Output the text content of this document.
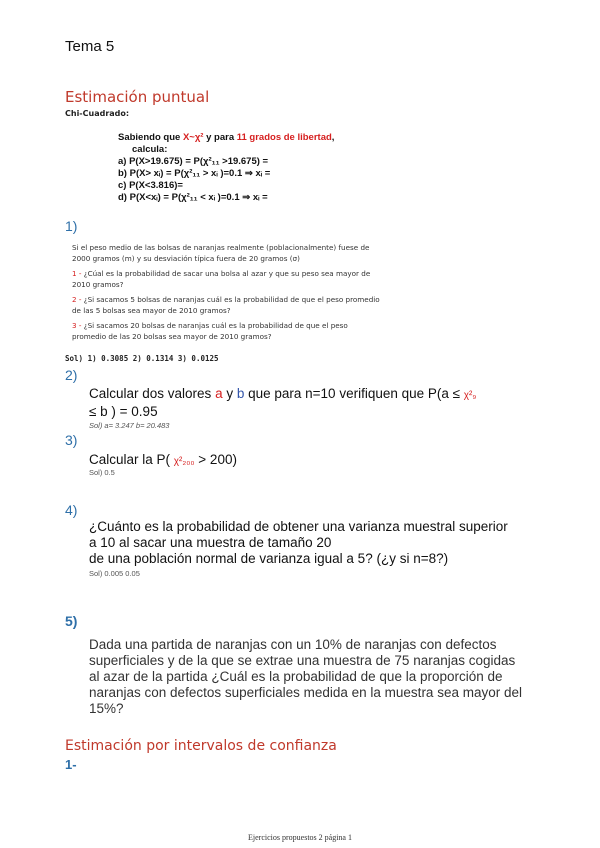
Tema 5
Estimación puntual
Chi-Cuadrado:
Sabiendo que X~χ² y para 11 grados de libertad,
calcula:
a) P(X>19.675) = P(χ²₁₁ >19.675) =
b) P(X> xᵢ) = P(χ²₁₁ > xᵢ )=0.1 ⇒ xᵢ =
c) P(X<3.816)=
d) P(X<xᵢ) = P(χ²₁₁ < xᵢ )=0.1 ⇒ xᵢ =
1)

Si el peso medio de las bolsas de naranjas realmente (poblacionalmente) fuese de 2000 gramos (m) y su desviación típica fuera de 20 gramos (σ)

1 - ¿Cúal es la probabilidad de sacar una bolsa al azar y que su peso sea mayor de 2010 gramos?

2 - ¿Si sacamos 5 bolsas de naranjas cuál es la probabilidad de que el peso promedio de las 5 bolsas sea mayor de 2010 gramos?

3 - ¿Si sacamos 20 bolsas de naranjas cuál es la probabilidad de que el peso promedio de las 20 bolsas sea mayor de 2010 gramos?

Sol) 1) 0.3085 2) 0.1314 3) 0.0125
2)
Calcular dos valores a y b que para n=10 verifiquen que P(a ≤ χ²₉
≤ b ) = 0.95
Sol) a= 3.247 b= 20.483
3)
Calcular la P( χ²₂₀₀ > 200)
Sol) 0.5
4)
¿Cuánto es la probabilidad de obtener una varianza muestral superior
a 10 al sacar una muestra de tamaño 20
de una población normal de varianza igual a 5? (¿y si n=8?)
Sol) 0.005 0.05
5)
Dada una partida de naranjas con un 10% de naranjas con defectos superficiales y de la que se extrae una muestra de 75 naranjas cogidas al azar de la partida ¿Cuál es la probabilidad de que la proporción de naranjas con defectos superficiales medida en la muestra sea mayor del 15%?
Estimación por intervalos de confianza
1-
Ejercicios propuestos 2 página 1
